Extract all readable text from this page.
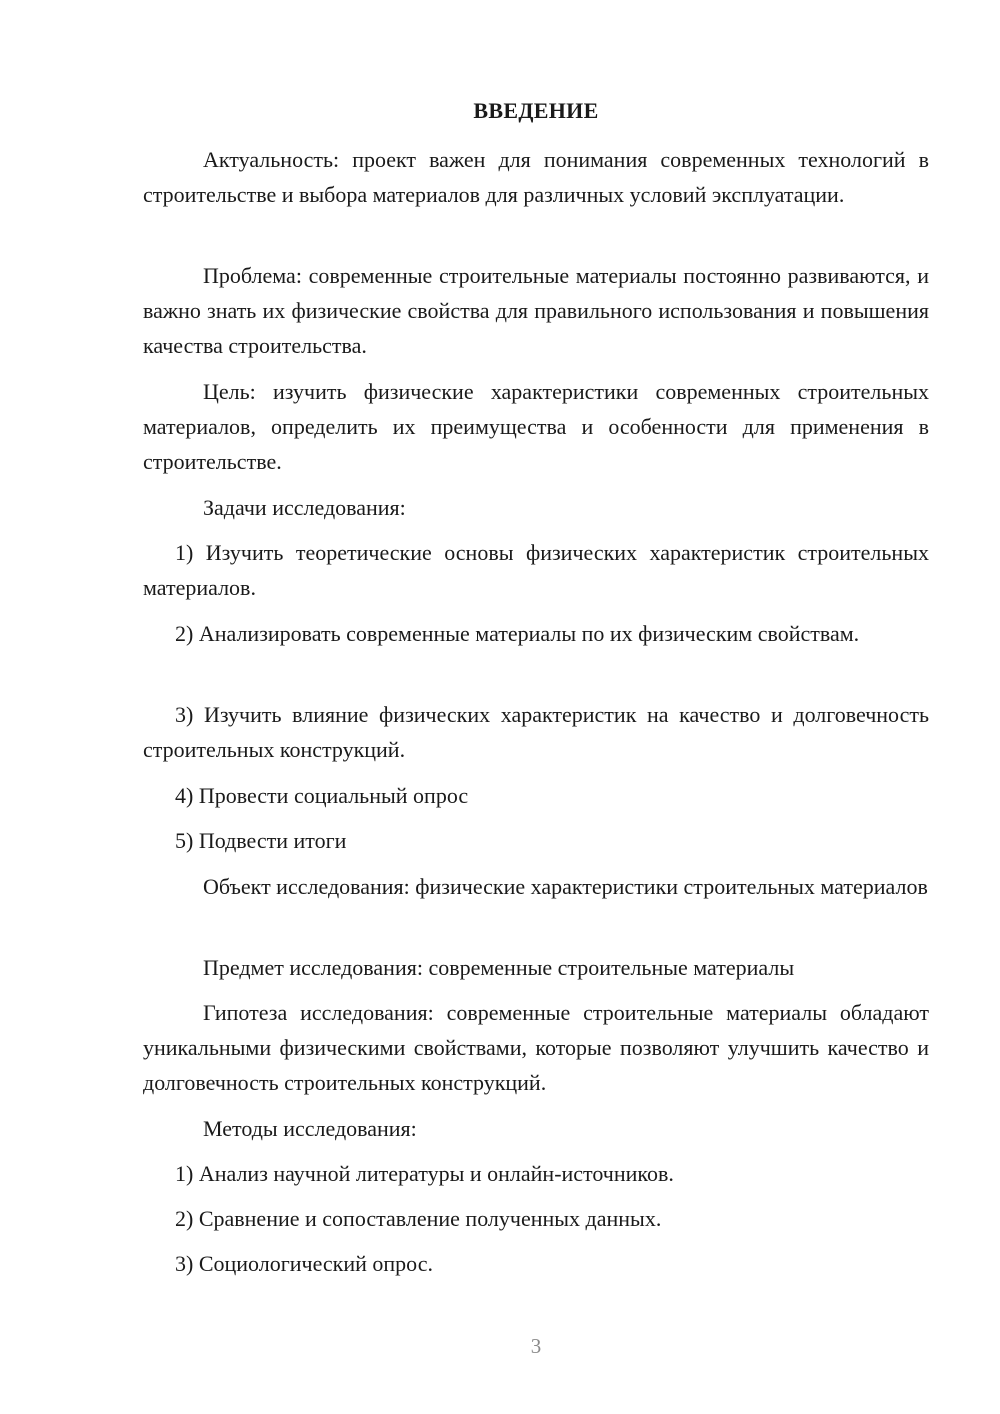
ВВЕДЕНИЕ

Актуальность: проект важен для понимания современных технологий в строительстве и выбора материалов для различных условий эксплуатации.

Проблема: современные строительные материалы постоянно развиваются, и важно знать их физические свойства для правильного использования и повышения качества строительства.

Цель: изучить физические характеристики современных строительных материалов, определить их преимущества и особенности для применения в строительстве.

Задачи исследования:

1) Изучить теоретические основы физических характеристик строительных материалов.

2) Анализировать современные материалы по их физическим свойствам.

3) Изучить влияние физических характеристик на качество и долговечность строительных конструкций.

4) Провести социальный опрос

5) Подвести итоги

Объект исследования: физические характеристики строительных материалов

Предмет исследования: современные строительные материалы

Гипотеза исследования: современные строительные материалы обладают уникальными физическими свойствами, которые позволяют улучшить качество и долговечность строительных конструкций.

Методы исследования:

1) Анализ научной литературы и онлайн-источников.

2) Сравнение и сопоставление полученных данных.

3) Социологический опрос.

3
